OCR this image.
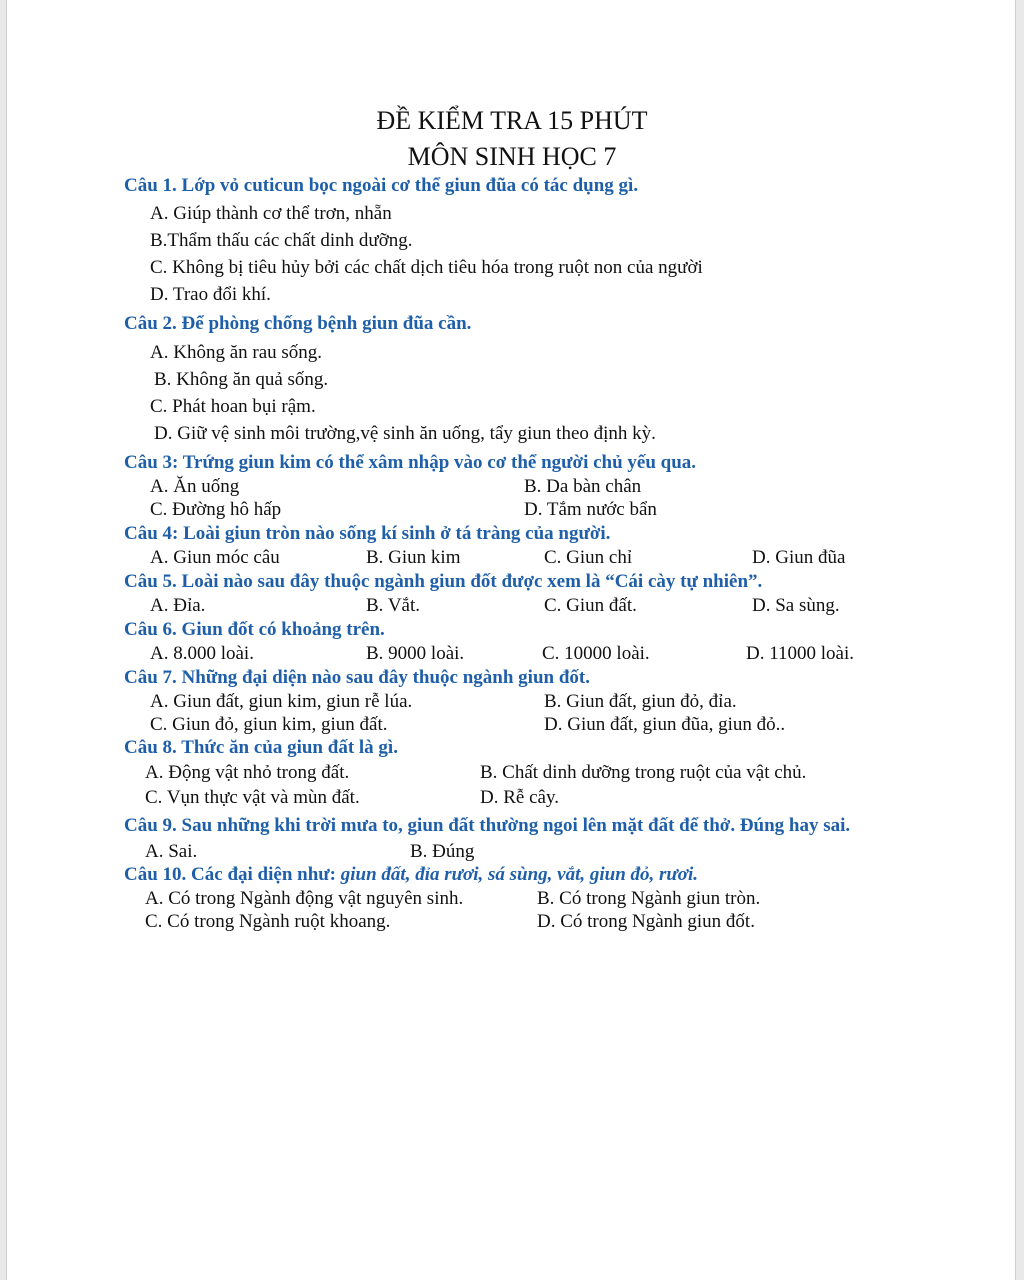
ĐỀ KIỂM TRA 15 PHÚT
MÔN SINH HỌC 7
Câu 1. Lớp vỏ cuticun bọc ngoài cơ thể giun đũa có tác dụng gì.
A. Giúp thành cơ thể trơn, nhẵn
B.Thẩm thấu các chất dinh dưỡng.
C. Không bị tiêu hủy bởi các chất dịch tiêu hóa trong ruột non của người
D. Trao đổi khí.
Câu 2. Để phòng chống bệnh giun đũa cần.
A. Không ăn rau sống.
B. Không ăn quả sống.
C. Phát hoan bụi rậm.
D. Giữ vệ sinh môi trường,vệ sinh ăn uống, tẩy giun theo định kỳ.
Câu 3: Trứng giun kim có thể xâm nhập vào cơ thể người chủ yếu qua.
A. Ăn uống	B. Da bàn chân
C. Đường hô hấp	D. Tắm nước bẩn
Câu 4: Loài giun tròn nào sống kí sinh ở tá tràng của người.
A. Giun móc câu	B. Giun kim	C. Giun chỉ	D. Giun đũa
Câu 5. Loài nào sau đây thuộc ngành giun đốt được xem là “Cái cày tự nhiên”.
A. Đỉa.	B. Vắt.	C. Giun đất.	D. Sa sùng.
Câu 6. Giun đốt có khoảng trên.
A. 8.000 loài.	B. 9000 loài.	C. 10000 loài.	D. 11000 loài.
Câu 7. Những đại diện nào sau đây thuộc ngành giun đốt.
A. Giun đất, giun kim, giun rễ lúa.	B. Giun đất, giun đỏ, đỉa.
C. Giun đỏ, giun kim, giun đất.	D. Giun đất, giun đũa, giun đỏ..
Câu 8. Thức ăn của giun đất là gì.
A. Động vật nhỏ trong đất.	B. Chất dinh dưỡng trong ruột của vật chủ.
C. Vụn thực vật và mùn đất.	D. Rễ cây.
Câu 9. Sau những khi trời mưa to, giun đất thường ngoi lên mặt đất để thở. Đúng hay sai.
A. Sai.	B. Đúng
Câu 10. Các đại diện như: giun đất, đỉa rươi, sá sùng, vắt, giun đỏ, rươi.
A. Có trong Ngành động vật nguyên sinh.	B. Có trong Ngành giun tròn.
C. Có trong Ngành ruột khoang.	D. Có trong Ngành giun đốt.
